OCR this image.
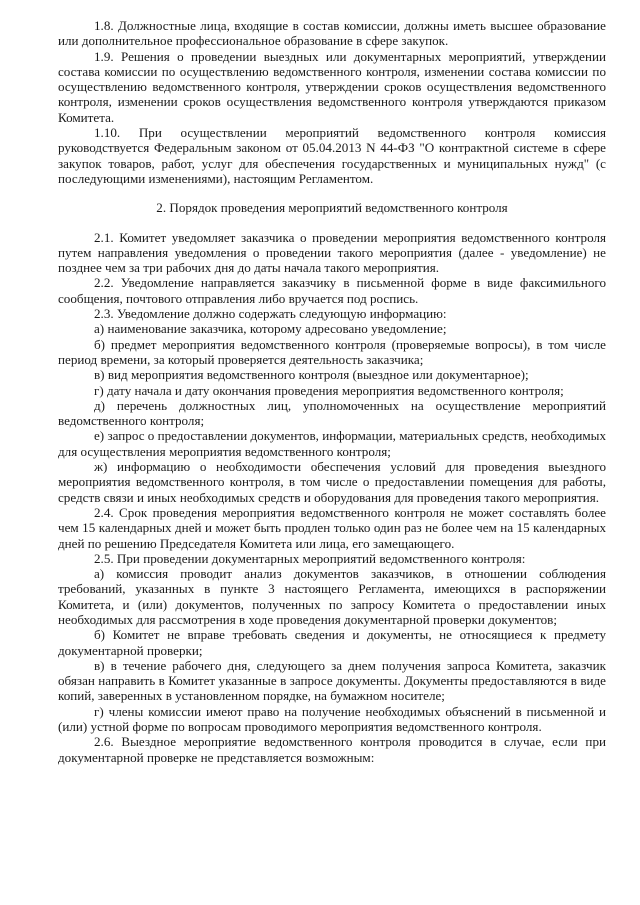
1.8. Должностные лица, входящие в состав комиссии, должны иметь высшее образование или дополнительное профессиональное образование в сфере закупок.

1.9. Решения о проведении выездных или документарных мероприятий, утверждении состава комиссии по осуществлению ведомственного контроля, изменении состава комиссии по осуществлению ведомственного контроля, утверждении сроков осуществления ведомственного контроля, изменении сроков осуществления ведомственного контроля утверждаются приказом Комитета.

1.10. При осуществлении мероприятий ведомственного контроля комиссия руководствуется Федеральным законом от 05.04.2013 N 44-ФЗ "О контрактной системе в сфере закупок товаров, работ, услуг для обеспечения государственных и муниципальных нужд" (с последующими изменениями), настоящим Регламентом.

2. Порядок проведения мероприятий ведомственного контроля

2.1. Комитет уведомляет заказчика о проведении мероприятия ведомственного контроля путем направления уведомления о проведении такого мероприятия (далее - уведомление) не позднее чем за три рабочих дня до даты начала такого мероприятия.

2.2. Уведомление направляется заказчику в письменной форме в виде факсимильного сообщения, почтового отправления либо вручается под роспись.

2.3. Уведомление должно содержать следующую информацию:

а) наименование заказчика, которому адресовано уведомление;

б) предмет мероприятия ведомственного контроля (проверяемые вопросы), в том числе период времени, за который проверяется деятельность заказчика;

в) вид мероприятия ведомственного контроля (выездное или документарное);

г) дату начала и дату окончания проведения мероприятия ведомственного контроля;

д) перечень должностных лиц, уполномоченных на осуществление мероприятий ведомственного контроля;

е) запрос о предоставлении документов, информации, материальных средств, необходимых для осуществления мероприятия ведомственного контроля;

ж) информацию о необходимости обеспечения условий для проведения выездного мероприятия ведомственного контроля, в том числе о предоставлении помещения для работы, средств связи и иных необходимых средств и оборудования для проведения такого мероприятия.

2.4. Срок проведения мероприятия ведомственного контроля не может составлять более чем 15 календарных дней и может быть продлен только один раз не более чем на 15 календарных дней по решению Председателя Комитета или лица, его замещающего.

2.5. При проведении документарных мероприятий ведомственного контроля:

а) комиссия проводит анализ документов заказчиков, в отношении соблюдения требований, указанных в пункте 3 настоящего Регламента, имеющихся в распоряжении Комитета, и (или) документов, полученных по запросу Комитета о предоставлении иных необходимых для рассмотрения в ходе проведения документарной проверки документов;

б) Комитет не вправе требовать сведения и документы, не относящиеся к предмету документарной проверки;

в) в течение рабочего дня, следующего за днем получения запроса Комитета, заказчик обязан направить в Комитет указанные в запросе документы. Документы предоставляются в виде копий, заверенных в установленном порядке, на бумажном носителе;

г) члены комиссии имеют право на получение необходимых объяснений в письменной и (или) устной форме по вопросам проводимого мероприятия ведомственного контроля.

2.6. Выездное мероприятие ведомственного контроля проводится в случае, если при документарной проверке не представляется возможным:
